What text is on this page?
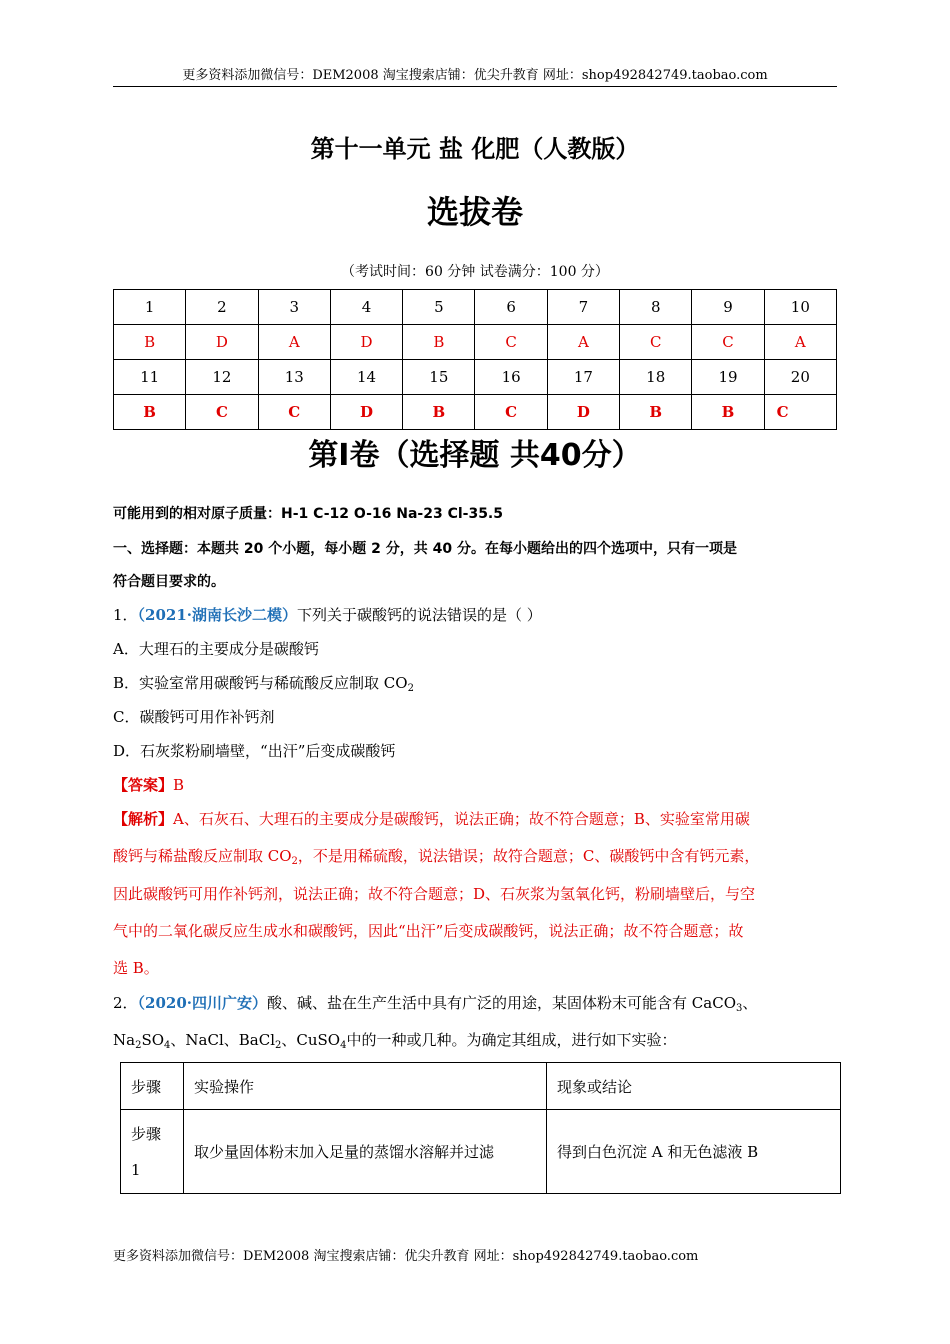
更多资料添加微信号：DEM2008 淘宝搜索店铺：优尖升教育 网址：shop492842749.taobao.com
第十一单元 盐 化肥（人教版）
选拔卷
（考试时间：60 分钟 试卷满分：100 分）
1	2	3	4	5	6	7	8	9	10
B	D	A	D	B	C	A	C	C	A
11	12	13	14	15	16	17	18	19	20
B	C	C	D	B	C	D	B	B	C
第Ⅰ卷（选择题 共40分）
可能用到的相对原子质量：H-1 C-12 O-16 Na-23 Cl-35.5
一、选择题：本题共 20 个小题，每小题 2 分，共 40 分。在每小题给出的四个选项中，只有一项是
符合题目要求的。
1．（2021·湖南长沙二模）下列关于碳酸钙的说法错误的是（ ）
A．大理石的主要成分是碳酸钙
B．实验室常用碳酸钙与稀硫酸反应制取 $CO_2$
C．碳酸钙可用作补钙剂
D．石灰浆粉刷墙壁，“出汗”后变成碳酸钙
【答案】B
【解析】A、石灰石、大理石的主要成分是碳酸钙，说法正确；故不符合题意；B、实验室常用碳
酸钙与稀盐酸反应制取 $CO_2$，不是用稀硫酸，说法错误；故符合题意；C、碳酸钙中含有钙元素，
因此碳酸钙可用作补钙剂，说法正确；故不符合题意；D、石灰浆为氢氧化钙，粉刷墙壁后，与空
气中的二氧化碳反应生成水和碳酸钙，因此“出汗”后变成碳酸钙，说法正确；故不符合题意；故
选 B。
2．（2020·四川广安）酸、碱、盐在生产生活中具有广泛的用途，某固体粉末可能含有 CaCO$_3$、
$Na_2SO_4$、NaCl、BaCl$_2$、CuSO$_4$中的一种或几种。为确定其组成，进行如下实验：
步骤	实验操作	现象或结论

步骤
1	取少量固体粉末加入足量的蒸馏水溶解并过滤	得到白色沉淀 A 和无色滤液 B
更多资料添加微信号：DEM2008 淘宝搜索店铺：优尖升教育 网址：shop492842749.taobao.com
